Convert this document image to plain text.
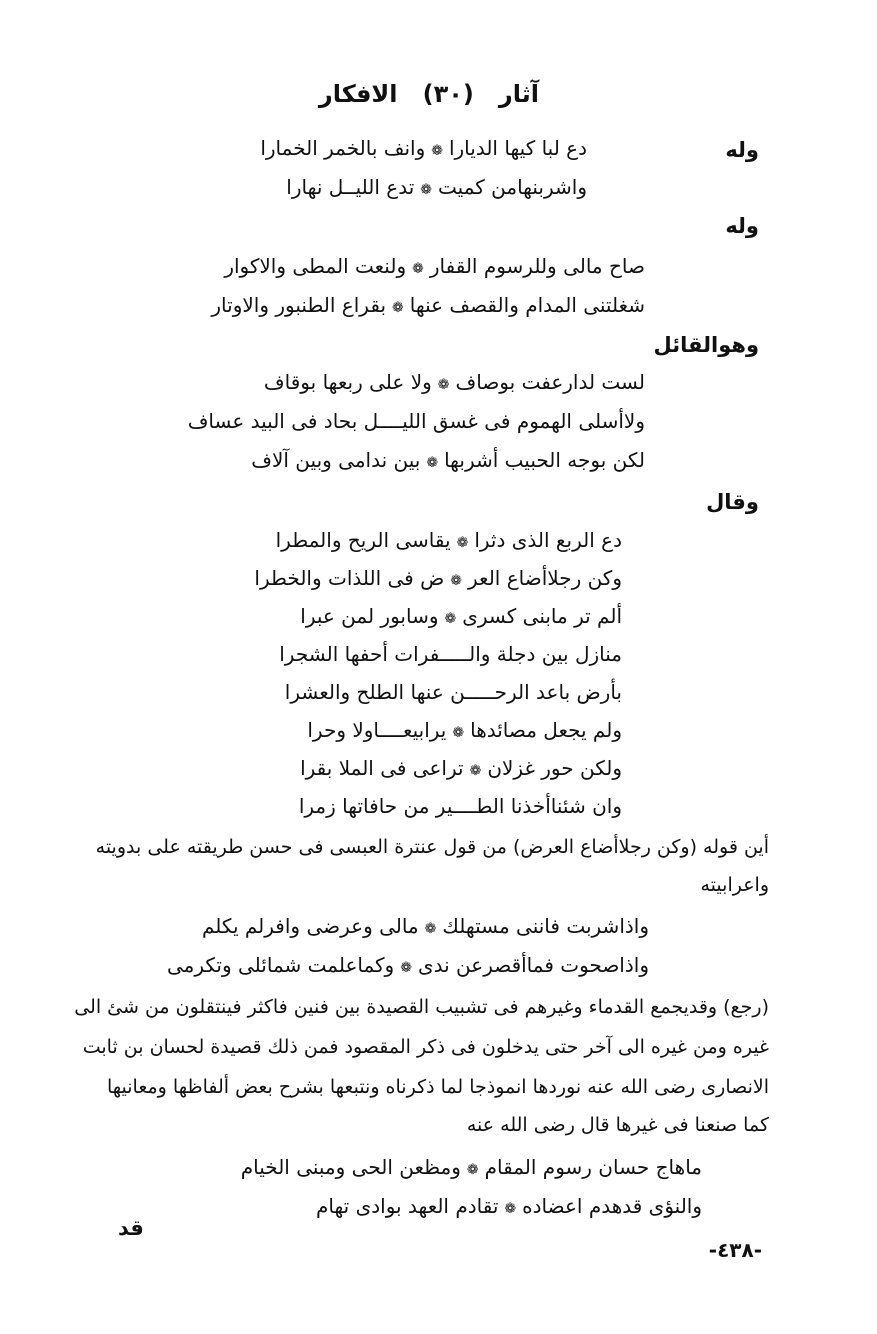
آثار   (٣٠)   الافكار
وله
دع لبا كيها الديارا❁وانف بالخمر الخمارا
واشربنهامن كميت❁تدع الليــل نهارا
وله
صاح مالى وللرسوم القفار❁ولنعت المطى والاكوار
شغلتنى المدام والقصف عنها❁بقراع الطنبور والاوتار
وهوالقائل
لست لدارعفت بوصاف❁ولا على ربعها بوقاف
ولاأسلى الهموم فى غسق الليــــل بحاد فى البيد عساف
لكن بوجه الحبيب أشربها❁بين ندامى وبين آلاف
وقال
دع الربع الذى دثرا❁يقاسى الريح والمطرا
وكن رجلاأضاع العر❁ض فى اللذات والخطرا
ألم تر مابنى كسرى❁وسابور لمن عبرا
منازل بين دجلة والـــــفرات أحفها الشجرا
بأرض باعد الرحـــــن عنها الطلح والعشرا
ولم يجعل مصائدها❁يرابيعــــاولا وحرا
ولكن حور غزلان❁تراعى فى الملا بقرا
وان شئناأخذنا الطــــير من حافاتها زمرا
أين قوله (وكن رجلاأضاع العرض) من قول عنترة العبسى فى حسن طريقته على بدويته
واعرابيته
واذاشربت فاننى مستهلك❁مالى وعرضى وافرلم يكلم
واذاصحوت فماأقصرعن ندى❁وكماعلمت شمائلى وتكرمى
(رجع) وقديجمع القدماء وغيرهم فى تشبيب القصيدة بين فنين فاكثر فينتقلون من شئ الى
غيره ومن غيره الى آخر حتى يدخلون فى ذكر المقصود فمن ذلك قصيدة لحسان بن ثابت
الانصارى رضى الله عنه نوردها انموذجا لما ذكرناه ونتبعها بشرح بعض ألفاظها ومعانيها
كما صنعنا فى غيرها قال رضى الله عنه
ماهاج حسان رسوم المقام❁ومظعن الحى ومبنى الخيام
والنؤى قدهدم اعضاده❁تقادم العهد بوادى تهام
قد
-٤٣٨-
